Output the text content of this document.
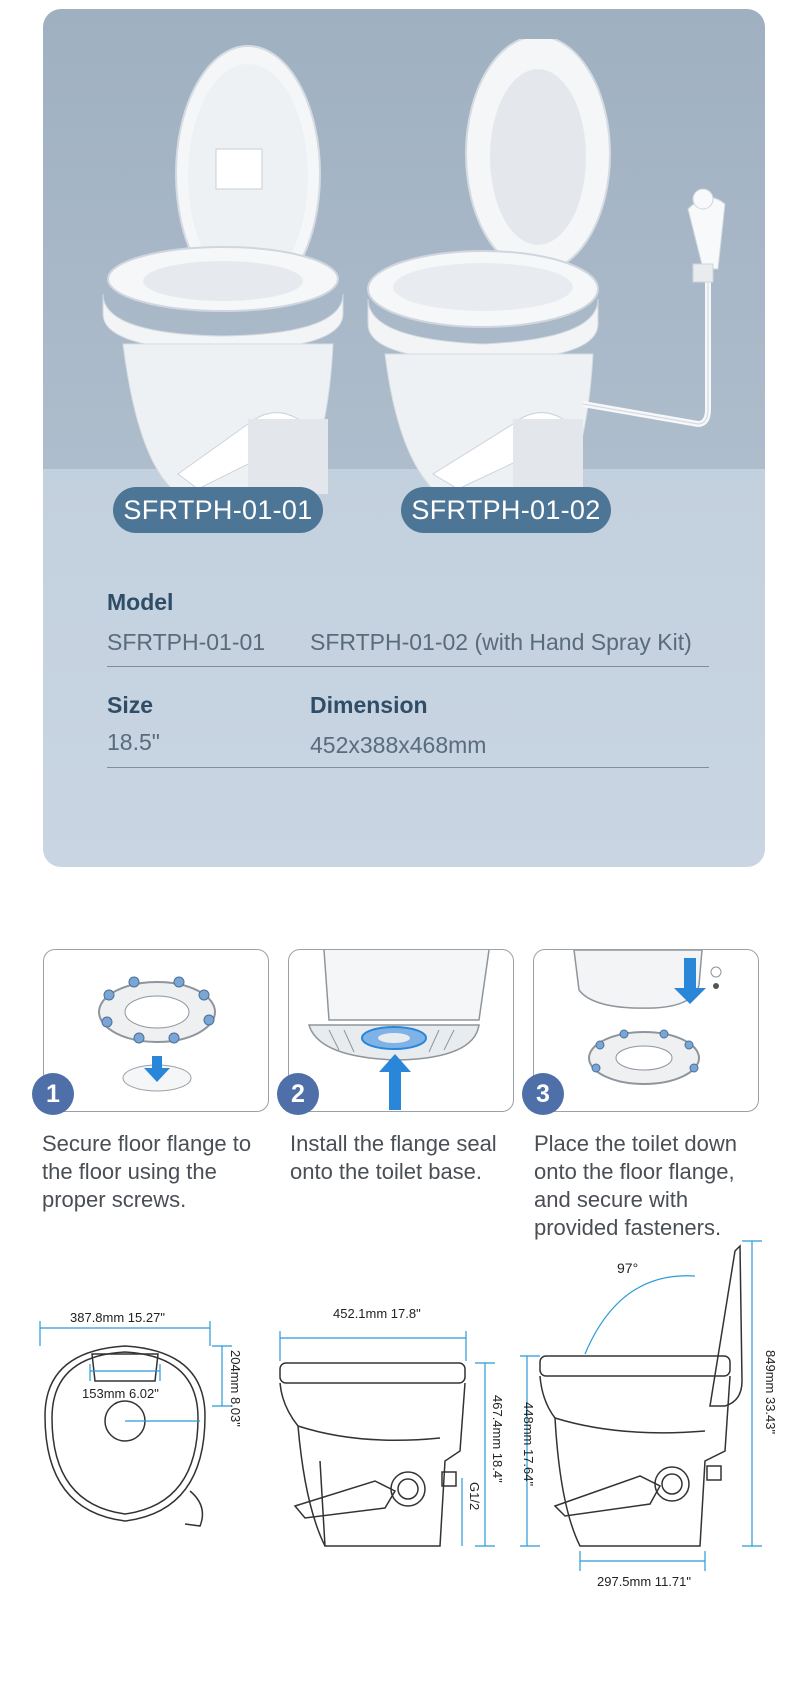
SFRTPH-01-01	SFRTPH-01-02
Model
SFRTPH-01-01 SFRTPH-01-02 (with Hand Spray Kit)
Size	Dimension
18.5"	452x388x468mm
1	2	3
Secure floor flange to the floor using the proper screws.
Install the flange seal onto the toilet base.
Place the toilet down onto the floor flange, and secure with provided fasteners.
387.8mm 15.27"
204mm 8.03"
153mm 6.02"
452.1mm 17.8"
467.4mm 18.4"
G1/2
97°
448mm 17.64"
849mm 33.43"
297.5mm 11.71"
